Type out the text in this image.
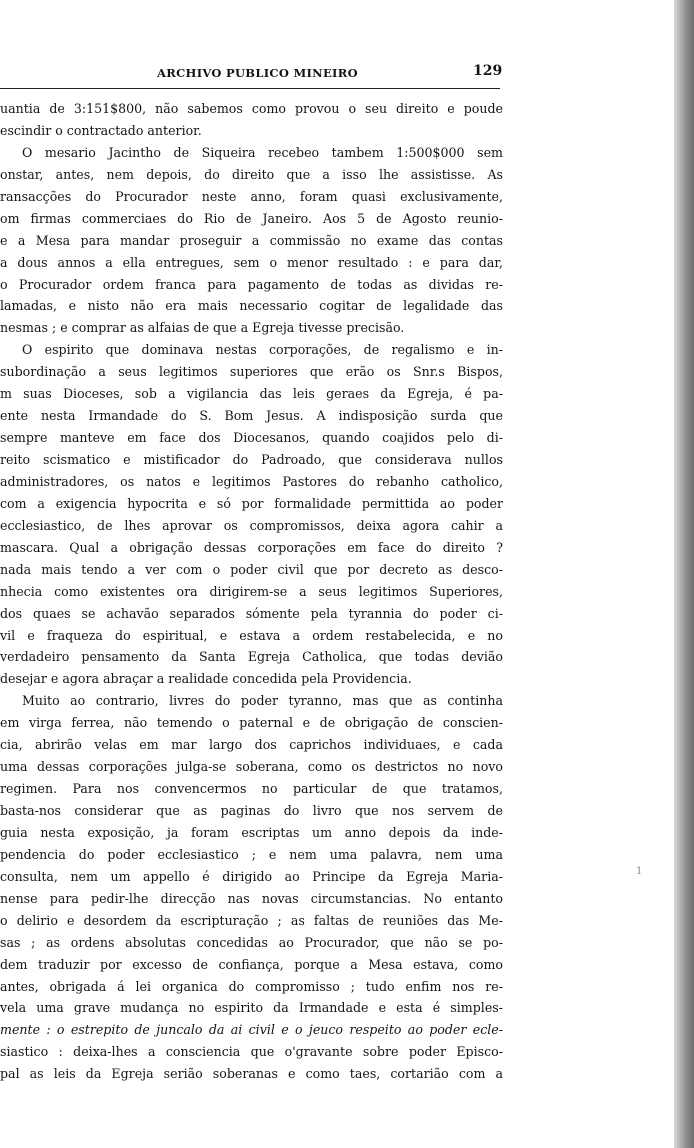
ARCHIVO PUBLICO MINEIRO	129
uantia de 3:151$800, não sabemos como provou o seu direito e poude
escindir o contractado anterior.
O mesario Jacintho de Siqueira recebeo tambem 1:500$000 sem
onstar, antes, nem depois, do direito que a isso lhe assistisse. As
ransacções do Procurador neste anno, foram quasi exclusivamente,
om firmas commerciaes do Rio de Janeiro. Aos 5 de Agosto reunio-
e a Mesa para mandar proseguir a commissão no exame das contas
a dous annos a ella entregues, sem o menor resultado : e para dar,
o Procurador ordem franca para pagamento de todas as dividas re-
lamadas, e nisto não era mais necessario cogitar de legalidade das
nesmas ; e comprar as alfaias de que a Egreja tivesse precisão.
O espirito que dominava nestas corporações, de regalismo e in-
subordinação a seus legitimos superiores que erão os Snr.s Bispos,
m suas Dioceses, sob a vigilancia das leis geraes da Egreja, é pa-
ente nesta Irmandade do S. Bom Jesus. A indisposição surda que
sempre manteve em face dos Diocesanos, quando coajidos pelo di-
reito scismatico e mistificador do Padroado, que considerava nullos
administradores, os natos e legitimos Pastores do rebanho catholico,
com a exigencia hypocrita e só por formalidade permittida ao poder
ecclesiastico, de lhes aprovar os compromissos, deixa agora cahir a
mascara. Qual a obrigação dessas corporações em face do direito ?
nada mais tendo a ver com o poder civil que por decreto as desco-
nhecia como existentes ora dirigirem-se a seus legitimos Superiores,
dos quaes se achavão separados sómente pela tyrannia do poder ci-
vil e fraqueza do espiritual, e estava a ordem restabelecida, e no
verdadeiro pensamento da Santa Egreja Catholica, que todas devião
desejar e agora abraçar a realidade concedida pela Providencia.
Muito ao contrario, livres do poder tyranno, mas que as continha
em virga ferrea, não temendo o paternal e de obrigação de conscien-
cia, abrirão velas em mar largo dos caprichos individuaes, e cada
uma dessas corporações julga-se soberana, como os destrictos no novo
regimen. Para nos convencermos no particular de que tratamos,
basta-nos considerar que as paginas do livro que nos servem de
guia nesta exposição, ja foram escriptas um anno depois da inde-
pendencia do poder ecclesiastico ; e nem uma palavra, nem uma
consulta, nem um appello é dirigido ao Principe da Egreja Maria-
nense para pedir-lhe direcção nas novas circumstancias. No entanto
o delirio e desordem da escripturação ; as faltas de reuniões das Me-
sas ; as ordens absolutas concedidas ao Procurador, que não se po-
dem traduzir por excesso de confiança, porque a Mesa estava, como
antes, obrigada á lei organica do compromisso ; tudo enfim nos re-
vela uma grave mudança no espirito da Irmandade e esta é simples-
mente : o estrepito de juncalo da ai civil e o jeuco respeito ao poder ecle-
siastico : deixa-lhes a consciencia que o'gravante sobre poder Episco-
pal as leis da Egreja serião soberanas e como taes, cortarião com a
1
